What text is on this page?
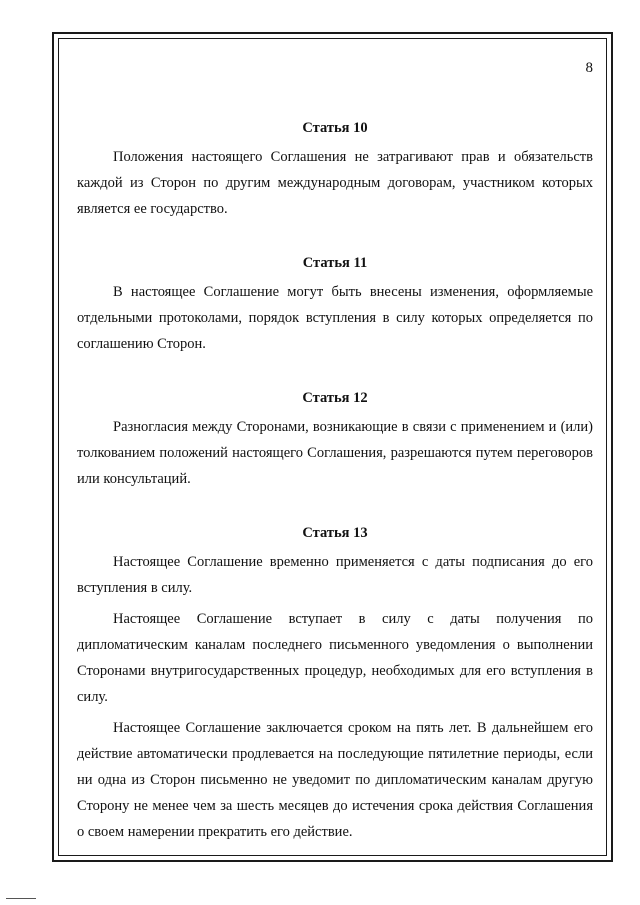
8
Статья 10

Положения настоящего Соглашения не затрагивают прав и обязательств каждой из Сторон по другим международным договорам, участником которых является ее государство.

Статья 11

В настоящее Соглашение могут быть внесены изменения, оформляемые отдельными протоколами, порядок вступления в силу которых определяется по соглашению Сторон.

Статья 12

Разногласия между Сторонами, возникающие в связи с применением и (или) толкованием положений настоящего Соглашения, разрешаются путем переговоров или консультаций.

Статья 13

Настоящее Соглашение временно применяется с даты подписания до его вступления в силу.

Настоящее Соглашение вступает в силу с даты получения по дипломатическим каналам последнего письменного уведомления о выполнении Сторонами внутригосударственных процедур, необходимых для его вступления в силу.

Настоящее Соглашение заключается сроком на пять лет. В дальнейшем его действие автоматически продлевается на последующие пятилетние периоды, если ни одна из Сторон письменно не уведомит по дипломатическим каналам другую Сторону не менее чем за шесть месяцев до истечения срока действия Соглашения о своем намерении прекратить его действие.
